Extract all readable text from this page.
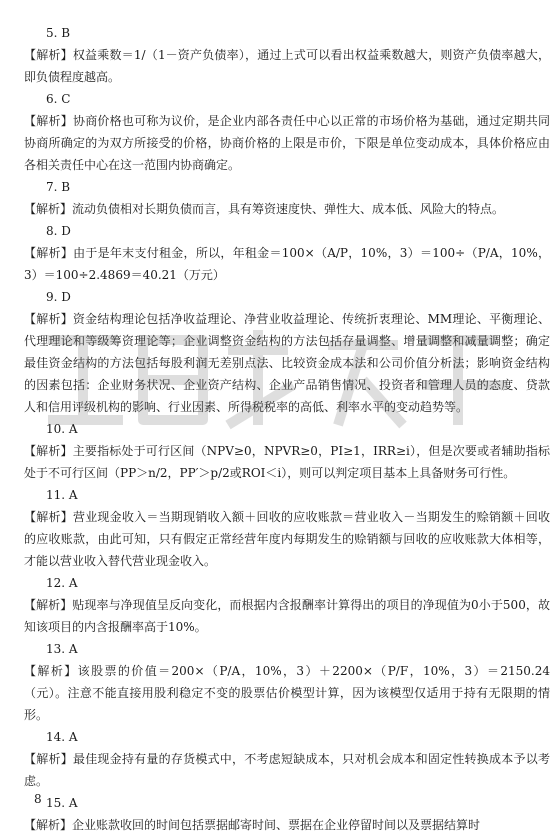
5. B
【解析】权益乘数＝1/（1－资产负债率），通过上式可以看出权益乘数越大，则资产负债率越大，即负债程度越高。
6. C
【解析】协商价格也可称为议价，是企业内部各责任中心以正常的市场价格为基础，通过定期共同协商所确定的为双方所接受的价格，协商价格的上限是市价，下限是单位变动成本，具体价格应由各相关责任中心在这一范围内协商确定。
7. B
【解析】流动负债相对长期负债而言，具有筹资速度快、弹性大、成本低、风险大的特点。
8. D
【解析】由于是年末支付租金，所以，年租金＝100×（A/P，10%，3）＝100÷（P/A，10%，3）＝100÷2.4869＝40.21（万元）
9. D
【解析】资金结构理论包括净收益理论、净营业收益理论、传统折衷理论、MM理论、平衡理论、代理理论和等级筹资理论等；企业调整资金结构的方法包括存量调整、增量调整和减量调整；确定最佳资金结构的方法包括每股利润无差别点法、比较资金成本法和公司价值分析法；影响资金结构的因素包括：企业财务状况、企业资产结构、企业产品销售情况、投资者和管理人员的态度、贷款人和信用评级机构的影响、行业因素、所得税税率的高低、利率水平的变动趋势等。
10. A
【解析】主要指标处于可行区间（NPV≥0，NPVR≥0，PI≥1，IRR≥i），但是次要或者辅助指标处于不可行区间（PP＞n/2，PP′＞p/2或ROI＜i），则可以判定项目基本上具备财务可行性。
11. A
【解析】营业现金收入＝当期现销收入额＋回收的应收账款＝营业收入－当期发生的赊销额＋回收的应收账款，由此可知，只有假定正常经营年度内每期发生的赊销额与回收的应收账款大体相等，才能以营业收入替代营业现金收入。
12. A
【解析】贴现率与净现值呈反向变化，而根据内含报酬率计算得出的项目的净现值为0小于500，故知该项目的内含报酬率高于10%。
13. A
【解析】该股票的价值＝200×（P/A，10%，3）＋2200×（P/F，10%，3）＝2150.24（元）。注意不能直接用股利稳定不变的股票估价模型计算，因为该模型仅适用于持有无限期的情形。
14. A
【解析】最佳现金持有量的存货模式中，不考虑短缺成本，只对机会成本和固定性转换成本予以考虑。
15. A
【解析】企业账款收回的时间包括票据邮寄时间、票据在企业停留时间以及票据结算时
8
